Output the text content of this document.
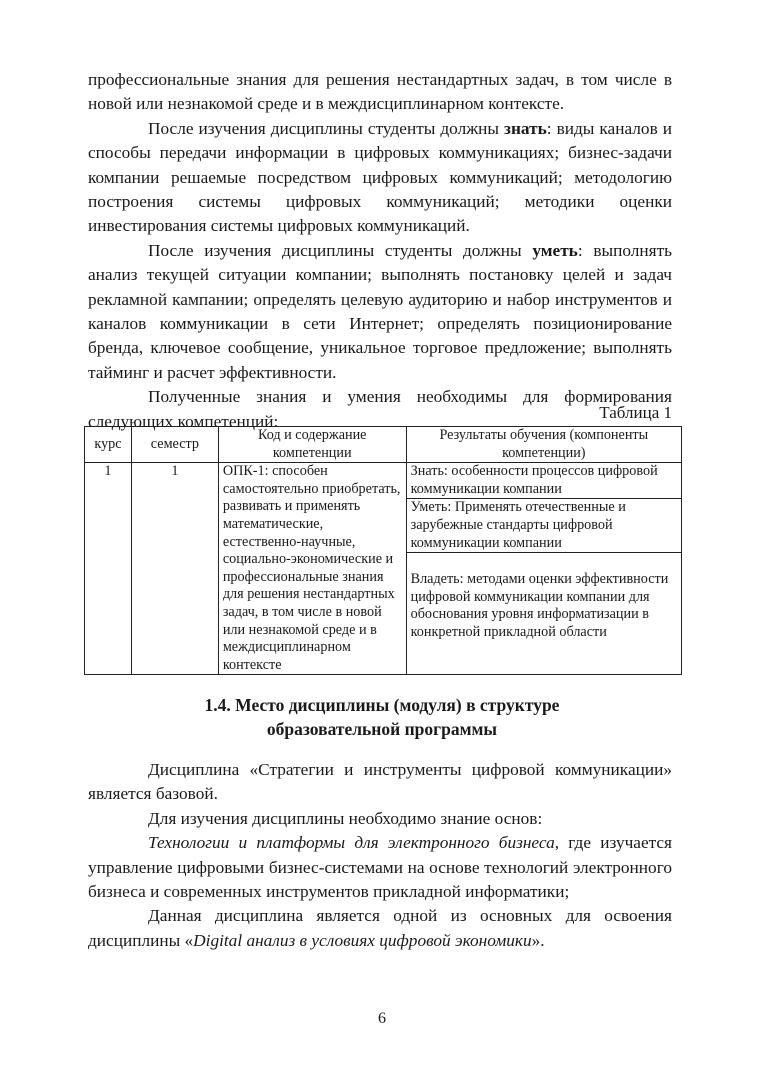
профессиональные знания для решения нестандартных задач, в том числе в новой или незнакомой среде и в междисциплинарном контексте.

После изучения дисциплины студенты должны знать: виды каналов и способы передачи информации в цифровых коммуникациях; бизнес-задачи компании решаемые посредством цифровых коммуникаций; методологию построения системы цифровых коммуникаций; методики оценки инвестирования системы цифровых коммуникаций.

После изучения дисциплины студенты должны уметь: выполнять анализ текущей ситуации компании; выполнять постановку целей и задач рекламной кампании; определять целевую аудиторию и набор инструментов и каналов коммуникации в сети Интернет; определять позиционирование бренда, ключевое сообщение, уникальное торговое предложение; выполнять тайминг и расчет эффективности.

Полученные знания и умения необходимы для формирования следующих компетенций:	Таблица 1
курс	семестр	Код и содержание компетенции	Результаты обучения (компоненты компетенции)
1	1	ОПК-1: способен самостоятельно приобретать, развивать и применять математические, естественно-научные, социально-экономические и профессиональные знания для решения нестандартных задач, в том числе в новой или незнакомой среде и в междисциплинарном контексте	Знать: особенности процессов цифровой коммуникации компании
			Уметь: Применять отечественные и зарубежные стандарты цифровой коммуникации компании
			Владеть: методами оценки эффективности цифровой коммуникации компании для обоснования уровня информатизации в конкретной прикладной области
1.4. Место дисциплины (модуля) в структуре
образовательной программы

Дисциплина «Стратегии и инструменты цифровой коммуникации» является базовой.

Для изучения дисциплины необходимо знание основ:

Технологии и платформы для электронного бизнеса, где изучается управление цифровыми бизнес-системами на основе технологий электронного бизнеса и современных инструментов прикладной информатики;

Данная дисциплина является одной из основных для освоения дисциплины «Digital анализ в условиях цифровой экономики».

6
